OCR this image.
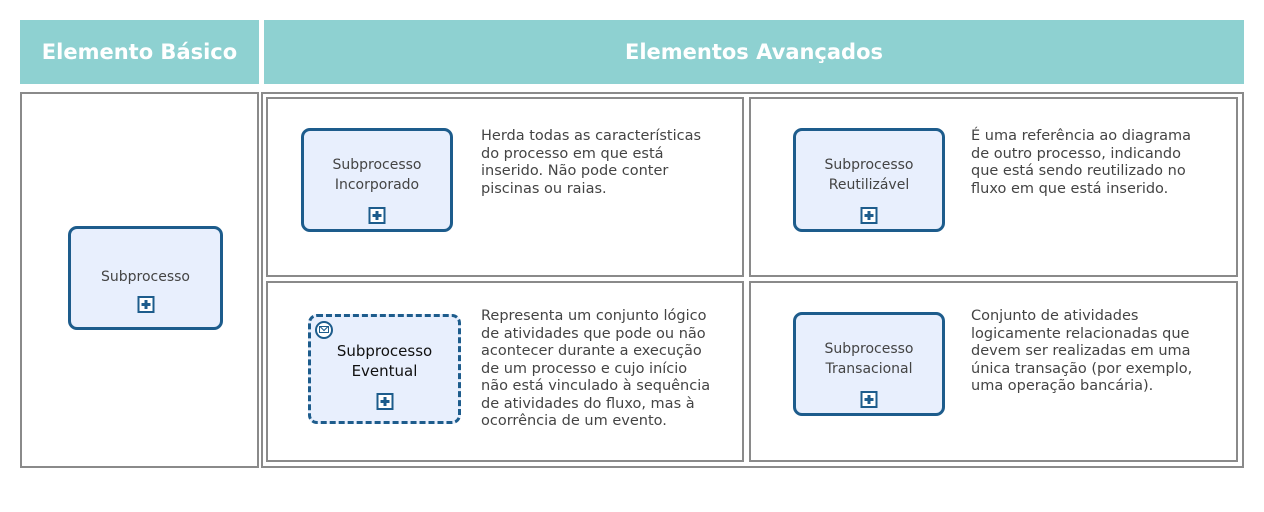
Elemento Básico	Elementos Avançados
Subprocesso
Subprocesso
Incorporado
Herda todas as características
do processo em que está
inserido. Não pode conter
piscinas ou raias.
Subprocesso
Reutilizável
É uma referência ao diagrama
de outro processo, indicando
que está sendo reutilizado no
fluxo em que está inserido.
Subprocesso
Eventual
Representa um conjunto lógico
de atividades que pode ou não
acontecer durante a execução
de um processo e cujo início
não está vinculado à sequência
de atividades do fluxo, mas à
ocorrência de um evento.
Subprocesso
Transacional
Conjunto de atividades
logicamente relacionadas que
devem ser realizadas em uma
única transação (por exemplo,
uma operação bancária).
